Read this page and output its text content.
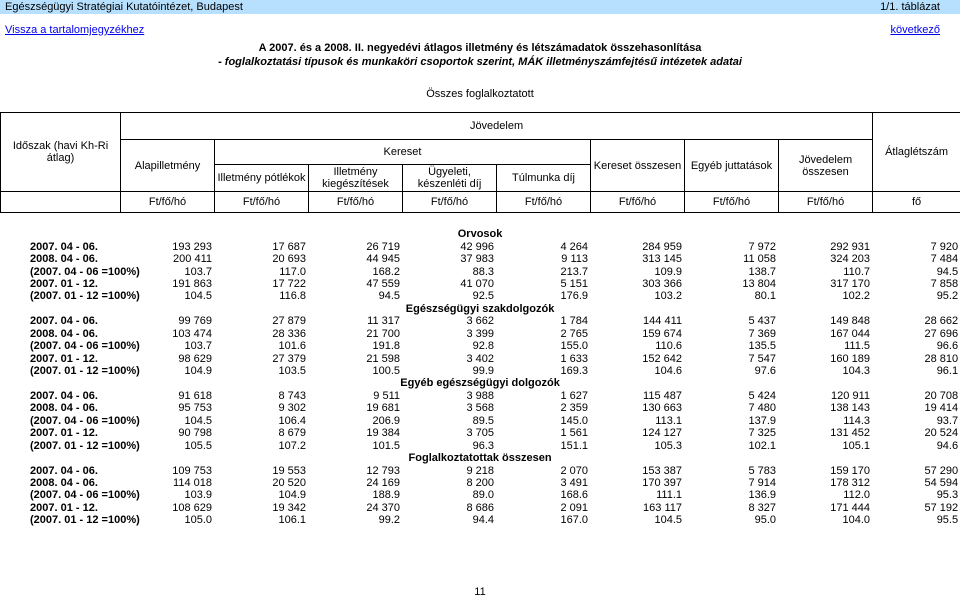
Egészségügyi Stratégiai Kutatóintézet, Budapest	1/1. táblázat
Vissza a tartalomjegyzékhez	következő
A 2007. és a 2008. II. negyedévi átlagos illetmény és létszámadatok összehasonlítása
- foglalkoztatási típusok és munkaköri csoportok szerint, MÁK illetményszámfejtésű intézetek adatai
Összes foglalkoztatott
Időszak (havi Kh-Ri átlag)	Jövedelem								Átlaglétszám
	Alapilletmény	Kereset				Kereset összesen	Egyéb juttatások	Jövedelem összesen	
		Illetmény pótlékok	Illetmény kiegészítések	Ügyeleti, készenléti díj	Túlmunka díj				
	Ft/fő/hó	Ft/fő/hó	Ft/fő/hó	Ft/fő/hó	Ft/fő/hó	Ft/fő/hó	Ft/fő/hó	Ft/fő/hó	fő
Orvosok									
2007. 04 - 06.	193 293	17 687	26 719	42 996	4 264	284 959	7 972	292 931	7 920
2008. 04 - 06.	200 411	20 693	44 945	37 983	9 113	313 145	11 058	324 203	7 484
(2007. 04 - 06 =100%)	103.7	117.0	168.2	88.3	213.7	109.9	138.7	110.7	94.5
2007. 01 - 12.	191 863	17 722	47 559	41 070	5 151	303 366	13 804	317 170	7 858
(2007. 01 - 12 =100%)	104.5	116.8	94.5	92.5	176.9	103.2	80.1	102.2	95.2
Egészségügyi szakdolgozók									
2007. 04 - 06.	99 769	27 879	11 317	3 662	1 784	144 411	5 437	149 848	28 662
2008. 04 - 06.	103 474	28 336	21 700	3 399	2 765	159 674	7 369	167 044	27 696
(2007. 04 - 06 =100%)	103.7	101.6	191.8	92.8	155.0	110.6	135.5	111.5	96.6
2007. 01 - 12.	98 629	27 379	21 598	3 402	1 633	152 642	7 547	160 189	28 810
(2007. 01 - 12 =100%)	104.9	103.5	100.5	99.9	169.3	104.6	97.6	104.3	96.1
Egyéb egészségügyi dolgozók									
2007. 04 - 06.	91 618	8 743	9 511	3 988	1 627	115 487	5 424	120 911	20 708
2008. 04 - 06.	95 753	9 302	19 681	3 568	2 359	130 663	7 480	138 143	19 414
(2007. 04 - 06 =100%)	104.5	106.4	206.9	89.5	145.0	113.1	137.9	114.3	93.7
2007. 01 - 12.	90 798	8 679	19 384	3 705	1 561	124 127	7 325	131 452	20 524
(2007. 01 - 12 =100%)	105.5	107.2	101.5	96.3	151.1	105.3	102.1	105.1	94.6
Foglalkoztatottak összesen									
2007. 04 - 06.	109 753	19 553	12 793	9 218	2 070	153 387	5 783	159 170	57 290
2008. 04 - 06.	114 018	20 520	24 169	8 200	3 491	170 397	7 914	178 312	54 594
(2007. 04 - 06 =100%)	103.9	104.9	188.9	89.0	168.6	111.1	136.9	112.0	95.3
2007. 01 - 12.	108 629	19 342	24 370	8 686	2 091	163 117	8 327	171 444	57 192
(2007. 01 - 12 =100%)	105.0	106.1	99.2	94.4	167.0	104.5	95.0	104.0	95.5
11
